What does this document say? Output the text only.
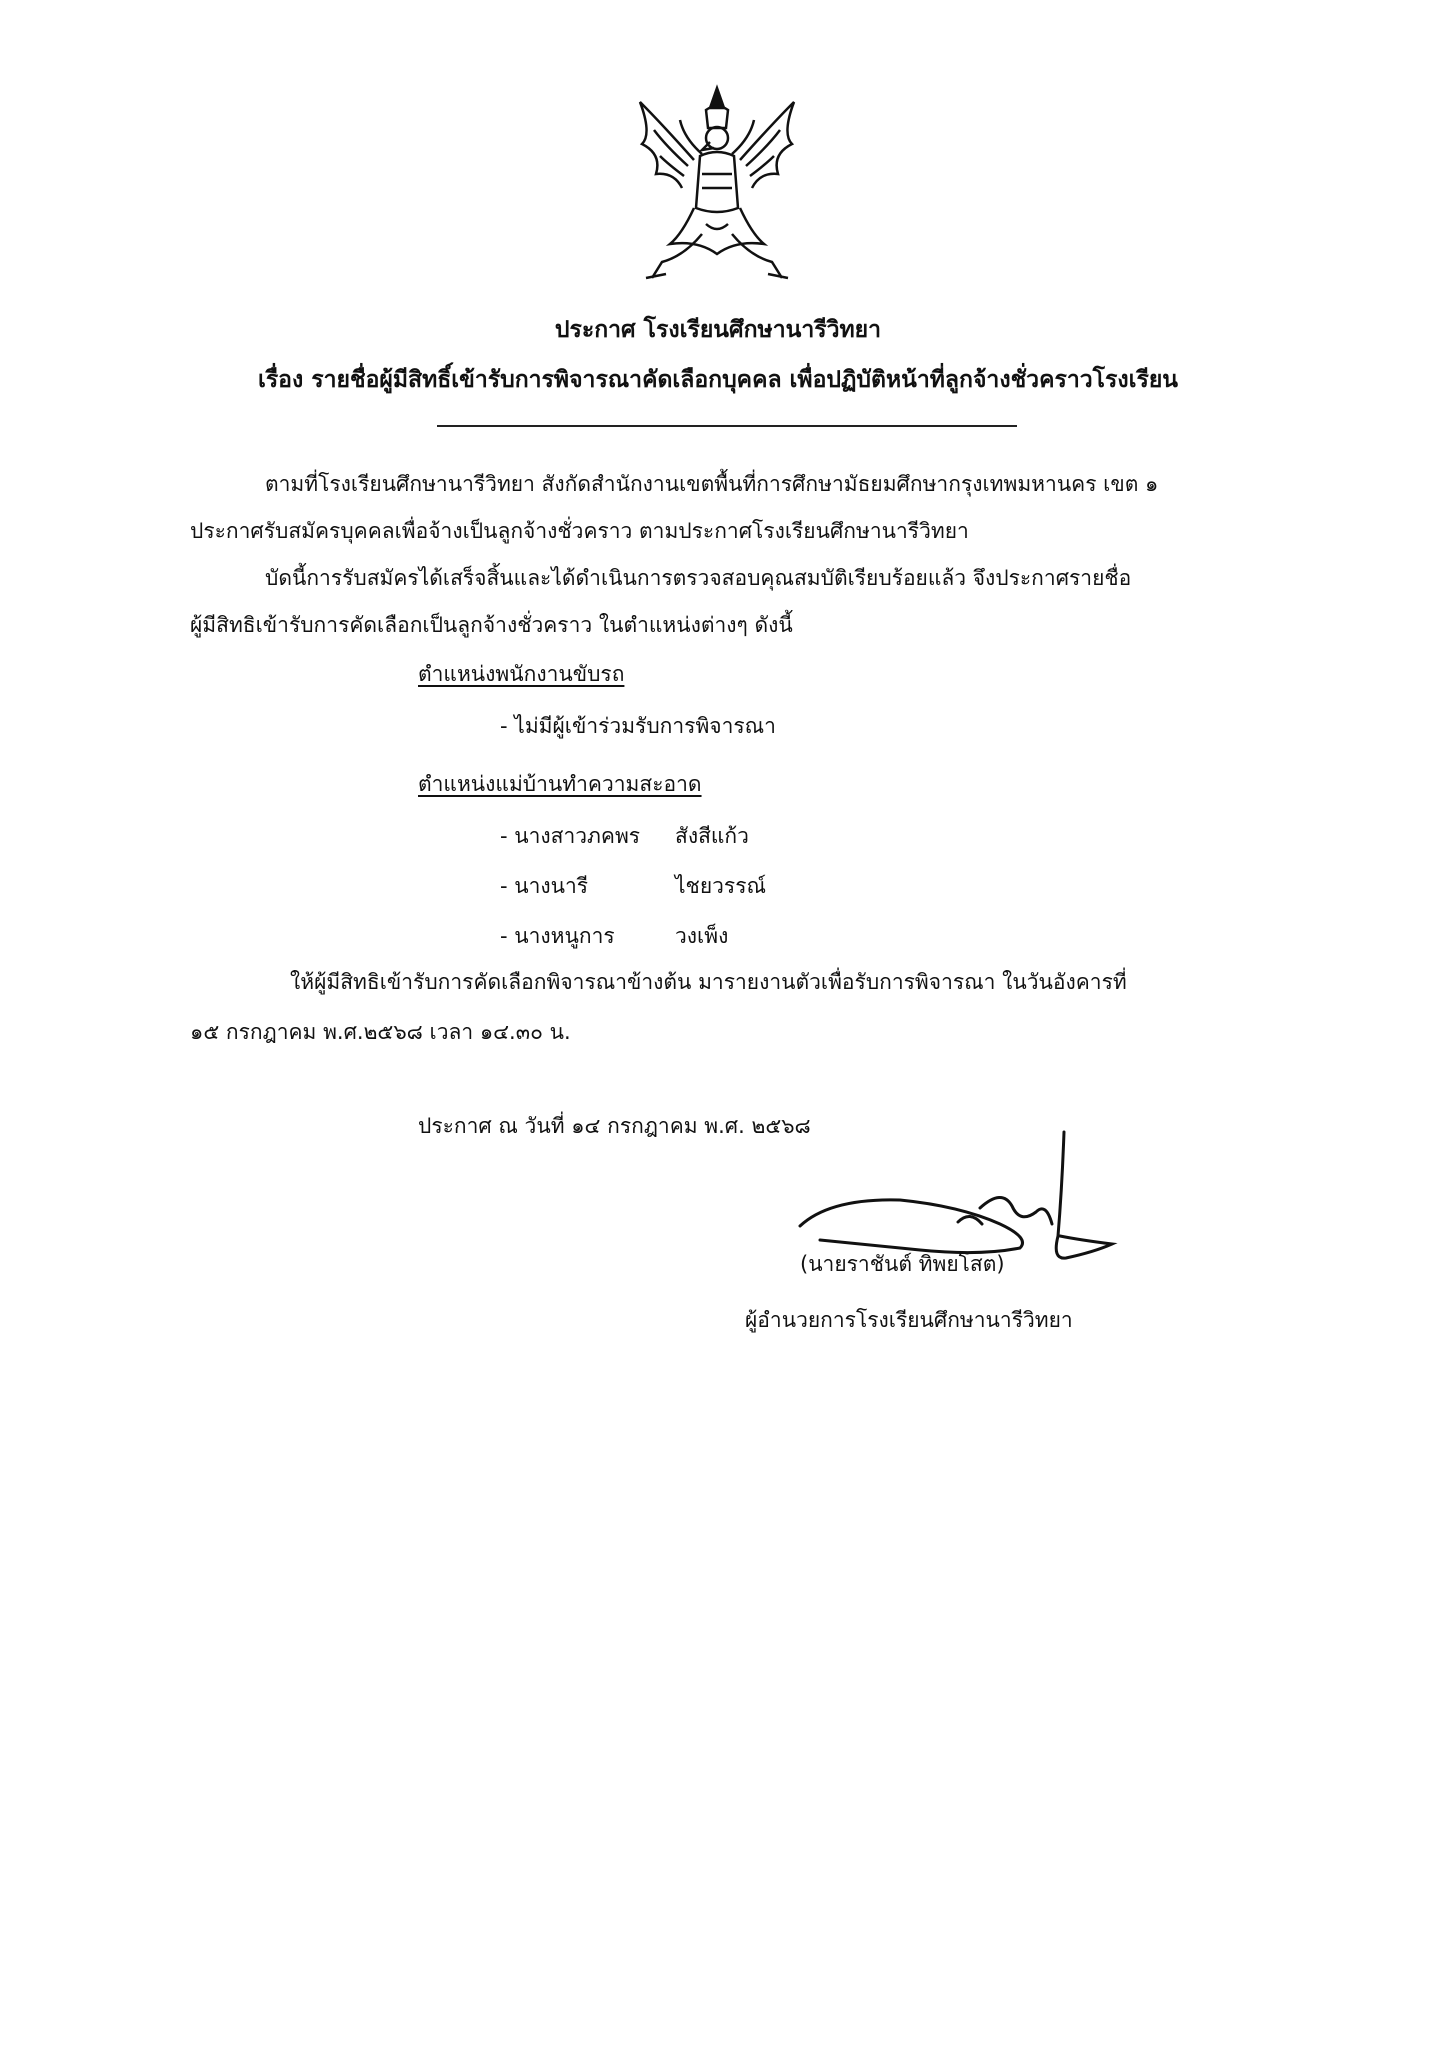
ประกาศ โรงเรียนศึกษานารีวิทยา
เรื่อง รายชื่อผู้มีสิทธิ์เข้ารับการพิจารณาคัดเลือกบุคคล เพื่อปฏิบัติหน้าที่ลูกจ้างชั่วคราวโรงเรียน
ตามที่โรงเรียนศึกษานารีวิทยา สังกัดสำนักงานเขตพื้นที่การศึกษามัธยมศึกษากรุงเทพมหานคร เขต ๑
ประกาศรับสมัครบุคคลเพื่อจ้างเป็นลูกจ้างชั่วคราว ตามประกาศโรงเรียนศึกษานารีวิทยา
บัดนี้การรับสมัครได้เสร็จสิ้นและได้ดำเนินการตรวจสอบคุณสมบัติเรียบร้อยแล้ว จึงประกาศรายชื่อ
ผู้มีสิทธิเข้ารับการคัดเลือกเป็นลูกจ้างชั่วคราว ในตำแหน่งต่างๆ ดังนี้
ตำแหน่งพนักงานขับรถ
- ไม่มีผู้เข้าร่วมรับการพิจารณา
ตำแหน่งแม่บ้านทำความสะอาด
- นางสาวภคพร สังสีแก้ว
- นางนารี	ไชยวรรณ์
- นางหนูการ	วงเพ็ง
ให้ผู้มีสิทธิเข้ารับการคัดเลือกพิจารณาข้างต้น มารายงานตัวเพื่อรับการพิจารณา ในวันอังคารที่
๑๕ กรกฎาคม พ.ศ.๒๕๖๘ เวลา ๑๔.๓๐ น.
ประกาศ ณ วันที่ ๑๔ กรกฎาคม พ.ศ. ๒๕๖๘
(นายราชันต์ ทิพยโสต)
ผู้อำนวยการโรงเรียนศึกษานารีวิทยา
